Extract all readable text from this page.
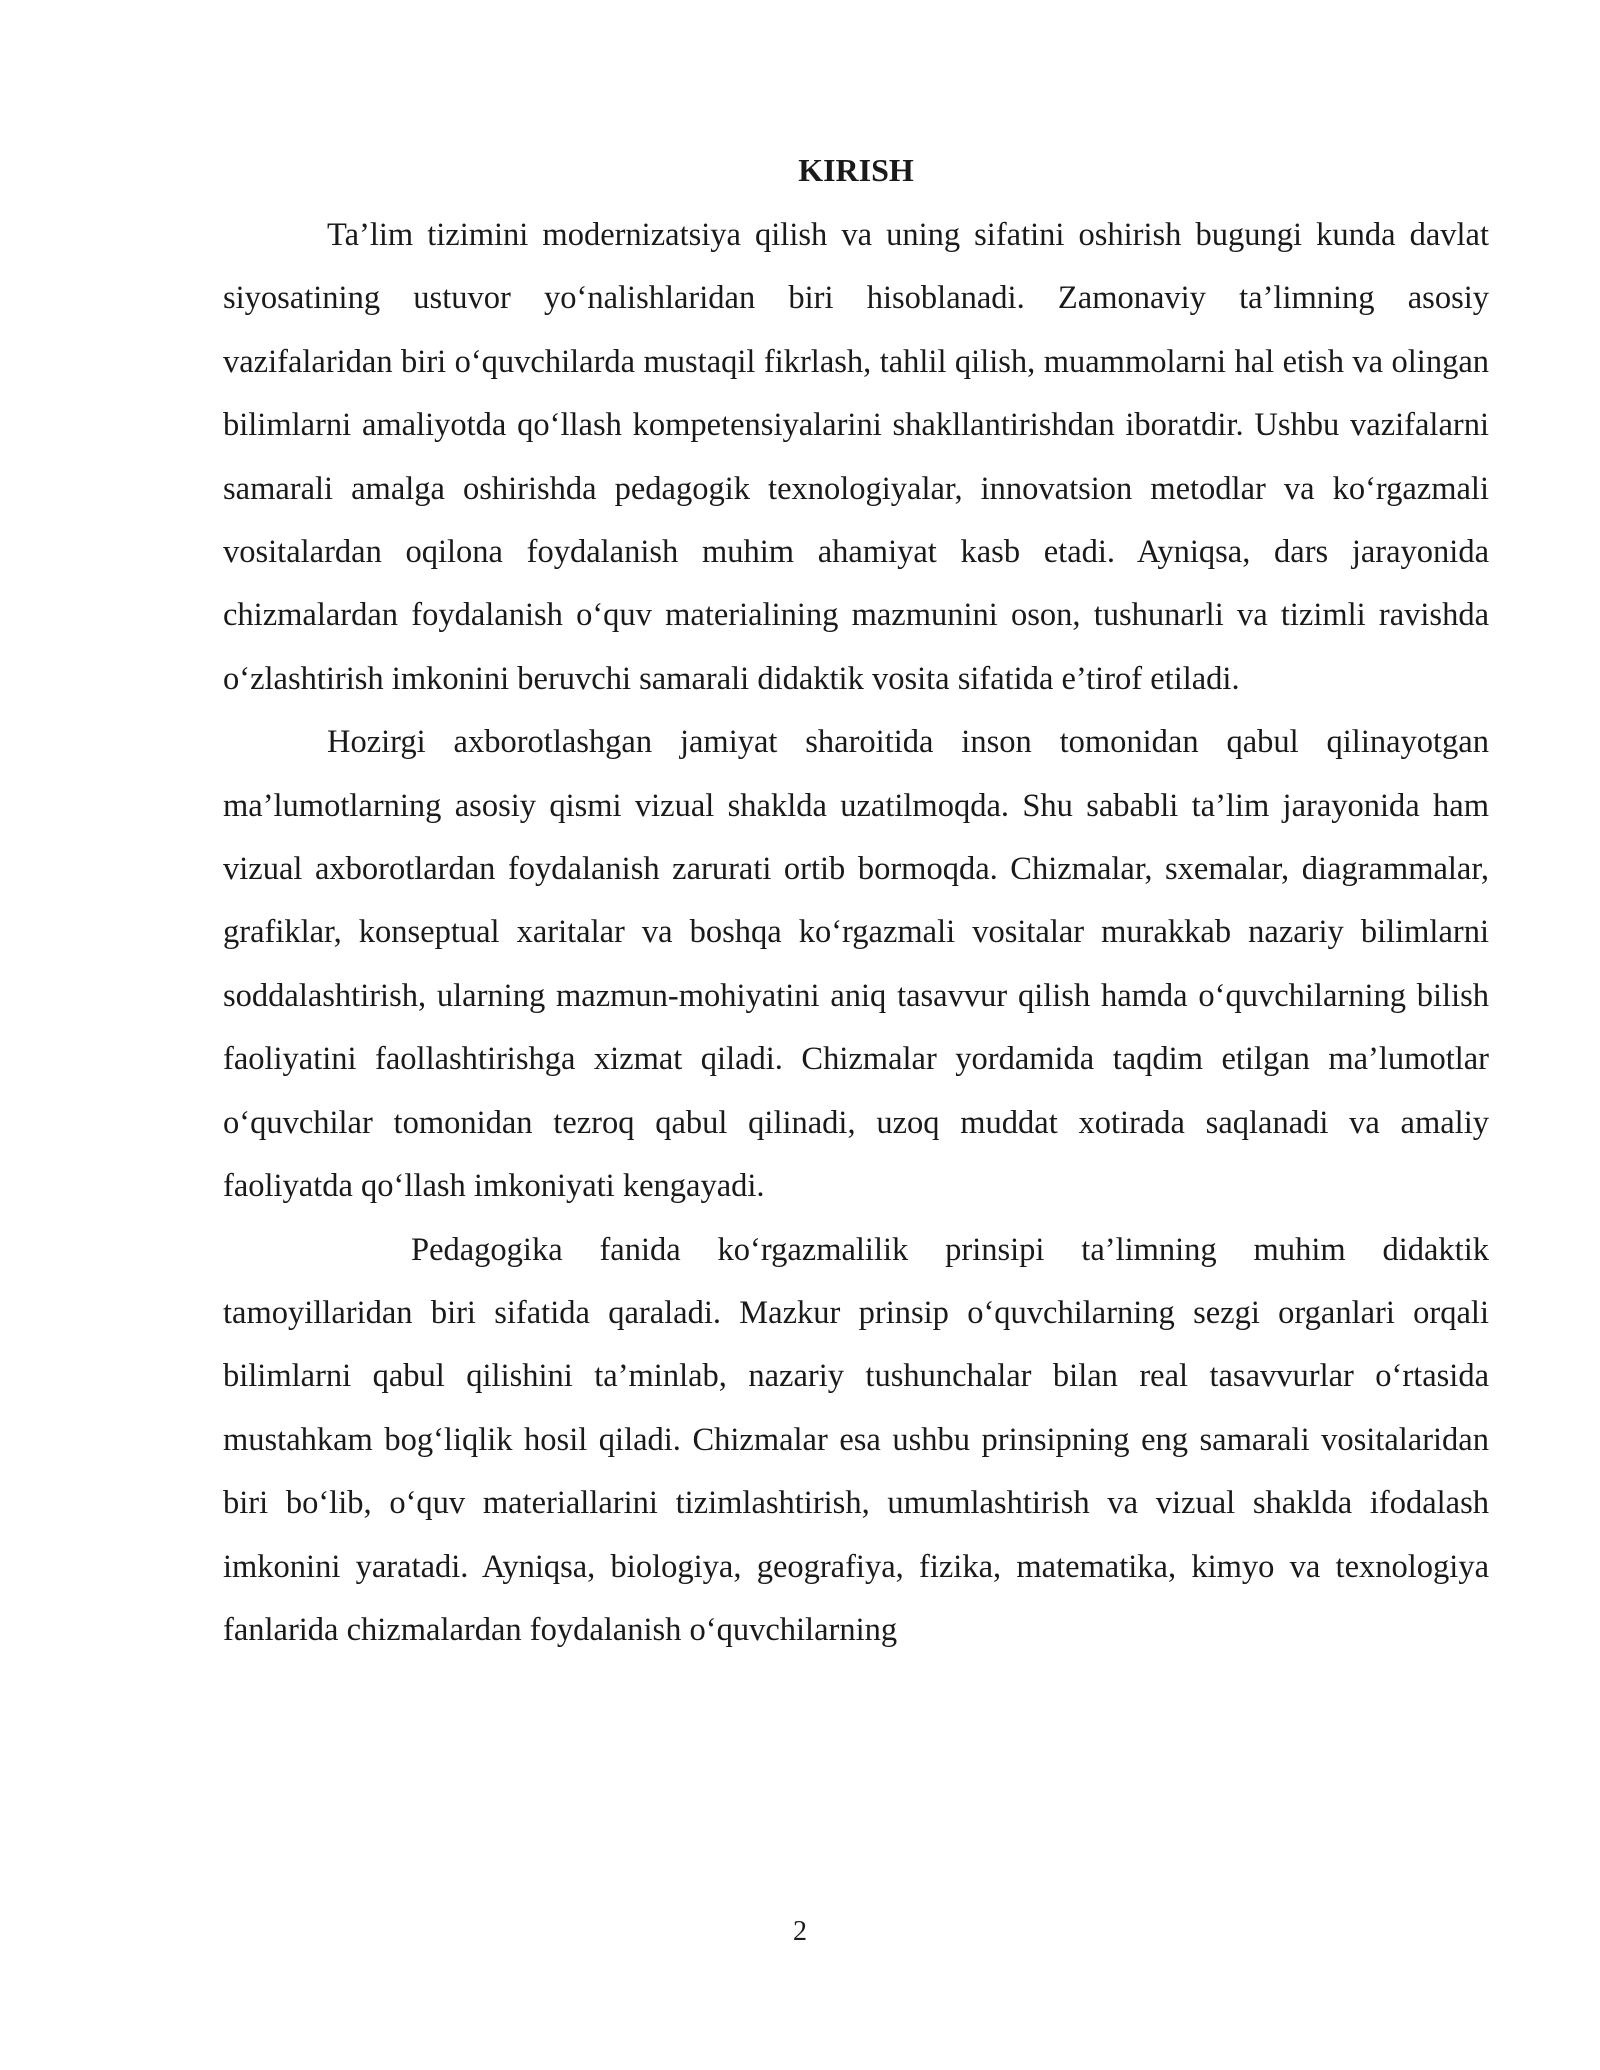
KIRISH

Ta’lim tizimini modernizatsiya qilish va uning sifatini oshirish bugungi kunda davlat siyosatining ustuvor yo‘nalishlaridan biri hisoblanadi. Zamonaviy ta’limning asosiy vazifalaridan biri o‘quvchilarda mustaqil fikrlash, tahlil qilish, muammolarni hal etish va olingan bilimlarni amaliyotda qo‘llash kompetensiyalarini shakllantirishdan iboratdir. Ushbu vazifalarni samarali amalga oshirishda pedagogik texnologiyalar, innovatsion metodlar va ko‘rgazmali vositalardan oqilona foydalanish muhim ahamiyat kasb etadi. Ayniqsa, dars jarayonida chizmalardan foydalanish o‘quv materialining mazmunini oson, tushunarli va tizimli ravishda o‘zlashtirish imkonini beruvchi samarali didaktik vosita sifatida e’tirof etiladi.

Hozirgi axborotlashgan jamiyat sharoitida inson tomonidan qabul qilinayotgan ma’lumotlarning asosiy qismi vizual shaklda uzatilmoqda. Shu sababli ta’lim jarayonida ham vizual axborotlardan foydalanish zarurati ortib bormoqda. Chizmalar, sxemalar, diagrammalar, grafiklar, konseptual xaritalar va boshqa ko‘rgazmali vositalar murakkab nazariy bilimlarni soddalashtirish, ularning mazmun-mohiyatini aniq tasavvur qilish hamda o‘quvchilarning bilish faoliyatini faollashtirishga xizmat qiladi. Chizmalar yordamida taqdim etilgan ma’lumotlar o‘quvchilar tomonidan tezroq qabul qilinadi, uzoq muddat xotirada saqlanadi va amaliy faoliyatda qo‘llash imkoniyati kengayadi.

Pedagogika fanida ko‘rgazmalilik prinsipi ta’limning muhim didaktik tamoyillaridan biri sifatida qaraladi. Mazkur prinsip o‘quvchilarning sezgi organlari orqali bilimlarni qabul qilishini ta’minlab, nazariy tushunchalar bilan real tasavvurlar o‘rtasida mustahkam bog‘liqlik hosil qiladi. Chizmalar esa ushbu prinsipning eng samarali vositalaridan biri bo‘lib, o‘quv materiallarini tizimlashtirish, umumlashtirish va vizual shaklda ifodalash imkonini yaratadi. Ayniqsa, biologiya, geografiya, fizika, matematika, kimyo va texnologiya fanlarida chizmalardan foydalanish o‘quvchilarning

2
